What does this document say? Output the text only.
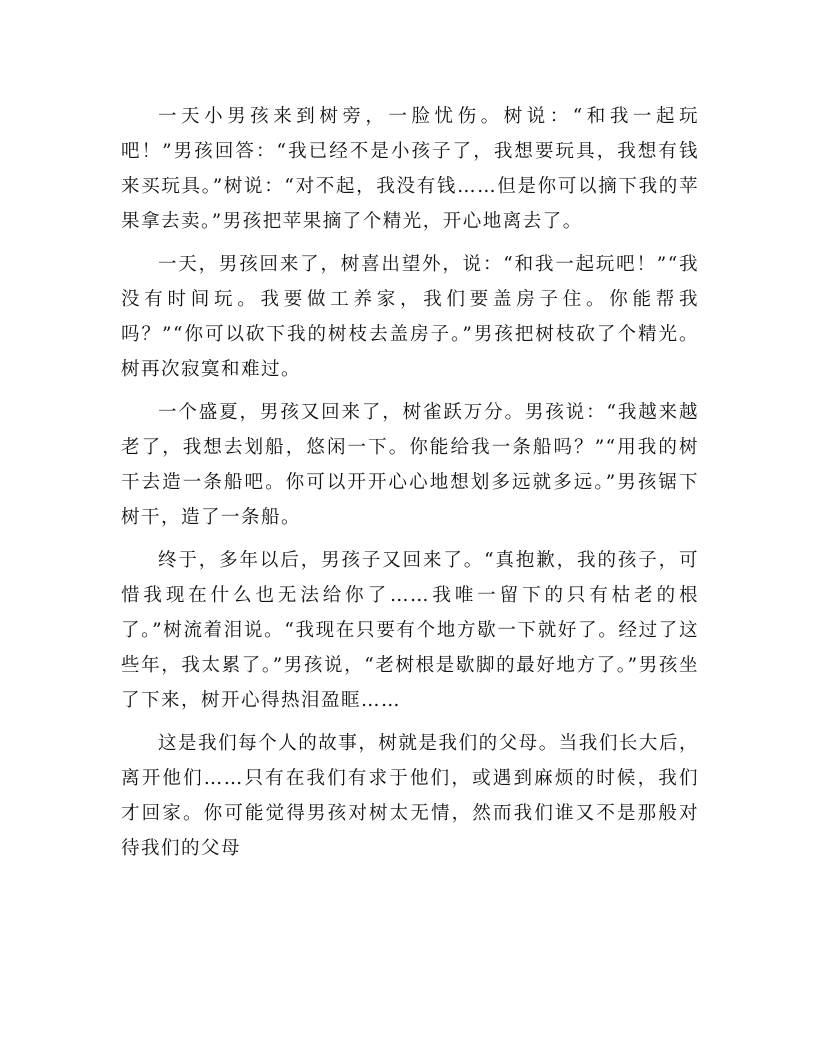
一天小男孩来到树旁，一脸忧伤。树说：“和我一起玩吧！”男孩回答：“我已经不是小孩子了，我想要玩具，我想有钱来买玩具。”树说：“对不起，我没有钱……但是你可以摘下我的苹果拿去卖。”男孩把苹果摘了个精光，开心地离去了。

一天，男孩回来了，树喜出望外，说：“和我一起玩吧！”“我没有时间玩。我要做工养家，我们要盖房子住。你能帮我吗？”“你可以砍下我的树枝去盖房子。”男孩把树枝砍了个精光。树再次寂寞和难过。

一个盛夏，男孩又回来了，树雀跃万分。男孩说：“我越来越老了，我想去划船，悠闲一下。你能给我一条船吗？”“用我的树干去造一条船吧。你可以开开心心地想划多远就多远。”男孩锯下树干，造了一条船。

终于，多年以后，男孩子又回来了。“真抱歉，我的孩子，可惜我现在什么也无法给你了……我唯一留下的只有枯老的根了。”树流着泪说。“我现在只要有个地方歇一下就好了。经过了这些年，我太累了。”男孩说，“老树根是歇脚的最好地方了。”男孩坐了下来，树开心得热泪盈眶……

这是我们每个人的故事，树就是我们的父母。当我们长大后，离开他们……只有在我们有求于他们，或遇到麻烦的时候，我们才回家。你可能觉得男孩对树太无情，然而我们谁又不是那般对待我们的父母
